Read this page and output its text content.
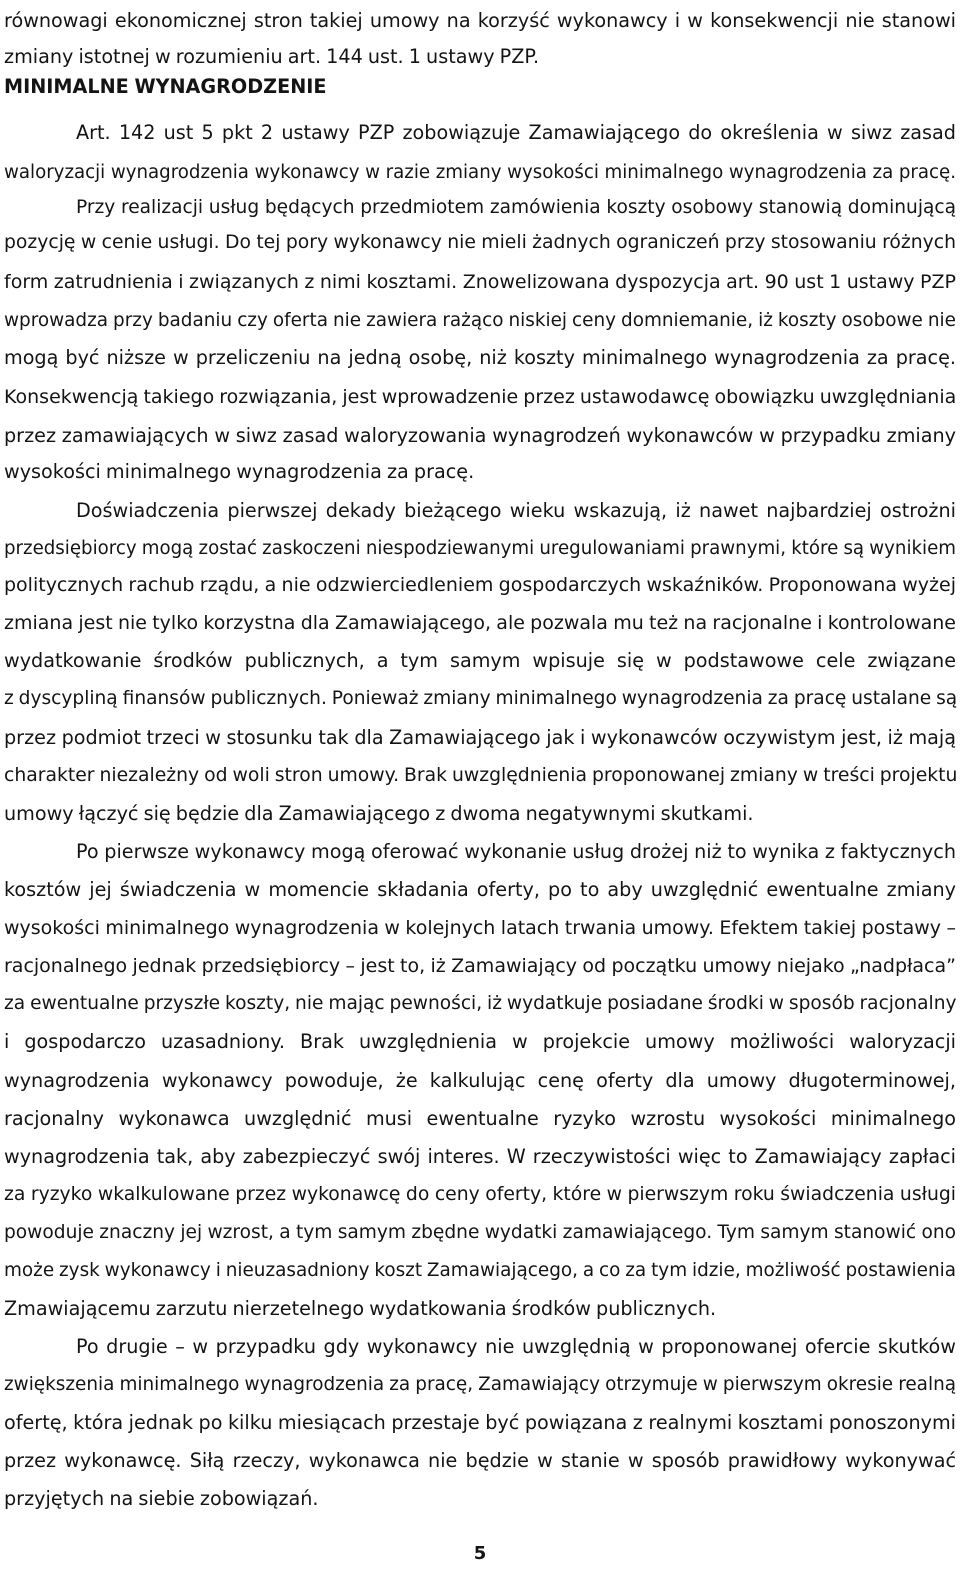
równowagi ekonomicznej stron takiej umowy na korzyść wykonawcy i w konsekwencji nie stanowi
zmiany istotnej w rozumieniu art. 144 ust. 1 ustawy PZP.
MINIMALNE WYNAGRODZENIE
Art. 142 ust 5 pkt 2 ustawy PZP zobowiązuje Zamawiającego do określenia w siwz zasad
waloryzacji wynagrodzenia wykonawcy w razie zmiany wysokości minimalnego wynagrodzenia za pracę.
Przy realizacji usług będących przedmiotem zamówienia koszty osobowy stanowią dominującą
pozycję w cenie usługi. Do tej pory wykonawcy nie mieli żadnych ograniczeń przy stosowaniu różnych
form zatrudnienia i związanych z nimi kosztami. Znowelizowana dyspozycja art. 90 ust 1 ustawy PZP
wprowadza przy badaniu czy oferta nie zawiera rażąco niskiej ceny domniemanie, iż koszty osobowe nie
mogą być niższe w przeliczeniu na jedną osobę, niż koszty minimalnego wynagrodzenia za pracę.
Konsekwencją takiego rozwiązania, jest wprowadzenie przez ustawodawcę obowiązku uwzględniania
przez zamawiających w siwz zasad waloryzowania wynagrodzeń wykonawców w przypadku zmiany
wysokości minimalnego wynagrodzenia za pracę.
Doświadczenia pierwszej dekady bieżącego wieku wskazują, iż nawet najbardziej ostrożni
przedsiębiorcy mogą zostać zaskoczeni niespodziewanymi uregulowaniami prawnymi, które są wynikiem
politycznych rachub rządu, a nie odzwierciedleniem gospodarczych wskaźników. Proponowana wyżej
zmiana jest nie tylko korzystna dla Zamawiającego, ale pozwala mu też na racjonalne i kontrolowane
wydatkowanie środków publicznych, a tym samym wpisuje się w podstawowe cele związane
z dyscypliną finansów publicznych. Ponieważ zmiany minimalnego wynagrodzenia za pracę ustalane są
przez podmiot trzeci w stosunku tak dla Zamawiającego jak i wykonawców oczywistym jest, iż mają
charakter niezależny od woli stron umowy. Brak uwzględnienia proponowanej zmiany w treści projektu
umowy łączyć się będzie dla Zamawiającego z dwoma negatywnymi skutkami.
Po pierwsze wykonawcy mogą oferować wykonanie usług drożej niż to wynika z faktycznych
kosztów jej świadczenia w momencie składania oferty, po to aby uwzględnić ewentualne zmiany
wysokości minimalnego wynagrodzenia w kolejnych latach trwania umowy. Efektem takiej postawy –
racjonalnego jednak przedsiębiorcy – jest to, iż Zamawiający od początku umowy niejako „nadpłaca”
za ewentualne przyszłe koszty, nie mając pewności, iż wydatkuje posiadane środki w sposób racjonalny
i gospodarczo uzasadniony. Brak uwzględnienia w projekcie umowy możliwości waloryzacji
wynagrodzenia wykonawcy powoduje, że kalkulując cenę oferty dla umowy długoterminowej,
racjonalny wykonawca uwzględnić musi ewentualne ryzyko wzrostu wysokości minimalnego
wynagrodzenia tak, aby zabezpieczyć swój interes. W rzeczywistości więc to Zamawiający zapłaci
za ryzyko wkalkulowane przez wykonawcę do ceny oferty, które w pierwszym roku świadczenia usługi
powoduje znaczny jej wzrost, a tym samym zbędne wydatki zamawiającego. Tym samym stanowić ono
może zysk wykonawcy i nieuzasadniony koszt Zamawiającego, a co za tym idzie, możliwość postawienia
Zmawiającemu zarzutu nierzetelnego wydatkowania środków publicznych.
Po drugie – w przypadku gdy wykonawcy nie uwzględnią w proponowanej ofercie skutków
zwiększenia minimalnego wynagrodzenia za pracę, Zamawiający otrzymuje w pierwszym okresie realną
ofertę, która jednak po kilku miesiącach przestaje być powiązana z realnymi kosztami ponoszonymi
przez wykonawcę. Siłą rzeczy, wykonawca nie będzie w stanie w sposób prawidłowy wykonywać
przyjętych na siebie zobowiązań.
5
